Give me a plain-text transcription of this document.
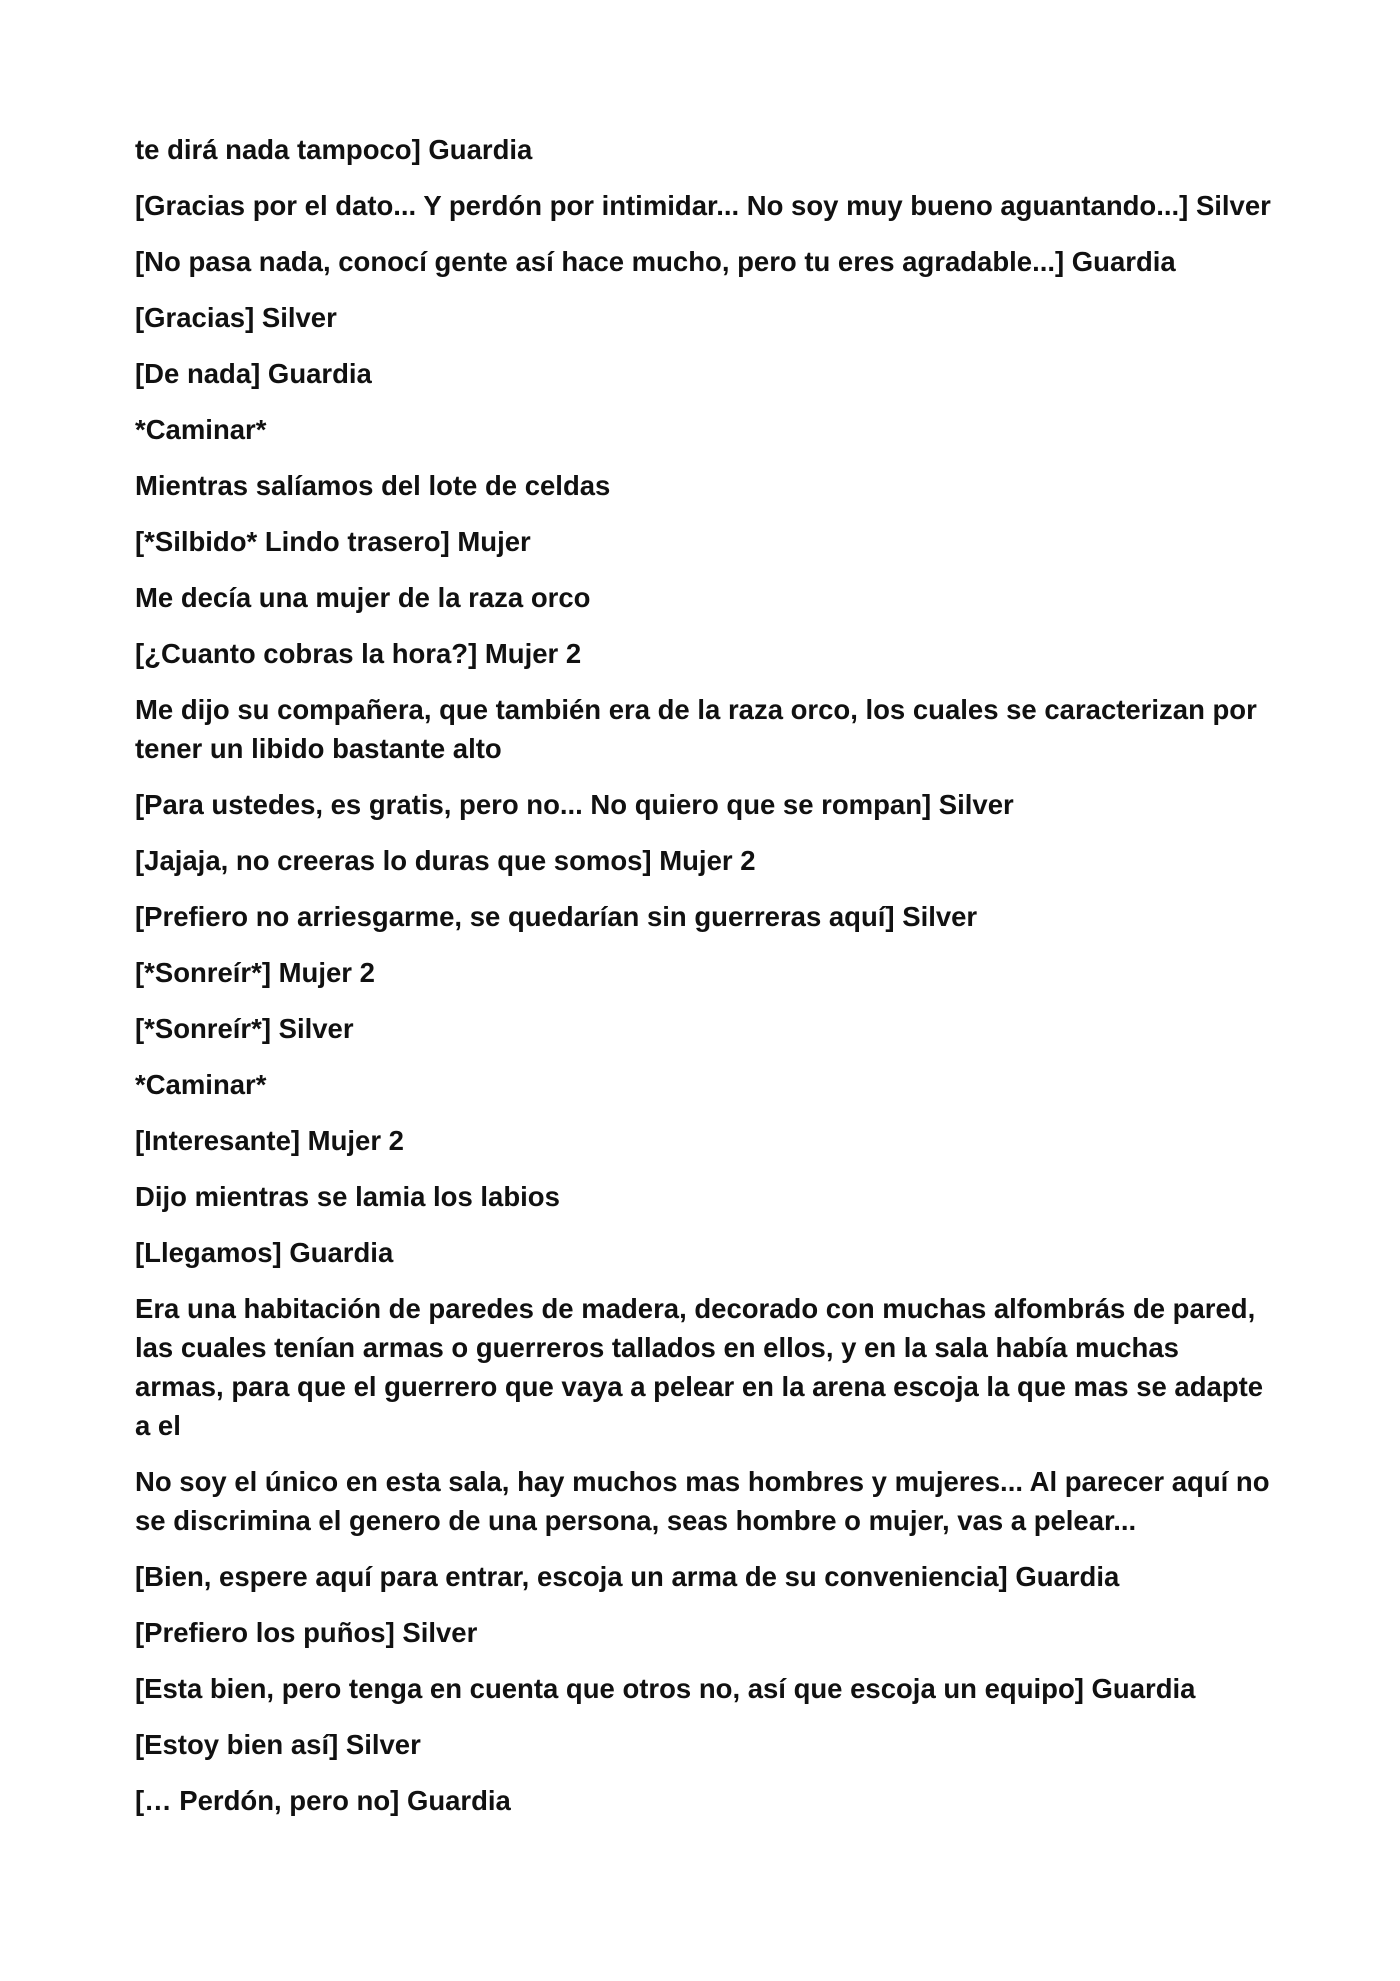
te dirá nada tampoco] Guardia

[Gracias por el dato... Y perdón por intimidar... No soy muy bueno aguantando...] Silver

[No pasa nada, conocí gente así hace mucho, pero tu eres agradable...] Guardia

[Gracias] Silver

[De nada] Guardia

*Caminar*

Mientras salíamos del lote de celdas

[*Silbido* Lindo trasero] Mujer

Me decía una mujer de la raza orco

[¿Cuanto cobras la hora?] Mujer 2

Me dijo su compañera, que también era de la raza orco, los cuales se caracterizan por tener un libido bastante alto

[Para ustedes, es gratis, pero no... No quiero que se rompan] Silver

[Jajaja, no creeras lo duras que somos] Mujer 2

[Prefiero no arriesgarme, se quedarían sin guerreras aquí] Silver

[*Sonreír*] Mujer 2

[*Sonreír*] Silver

*Caminar*

[Interesante] Mujer 2

Dijo mientras se lamia los labios

[Llegamos] Guardia

Era una habitación de paredes de madera, decorado con muchas alfombrás de pared, las cuales tenían armas o guerreros tallados en ellos, y en la sala había muchas armas, para que el guerrero que vaya a pelear en la arena escoja la que mas se adapte a el

No soy el único en esta sala, hay muchos mas hombres y mujeres... Al parecer aquí no se discrimina el genero de una persona, seas hombre o mujer, vas a pelear...

[Bien, espere aquí para entrar, escoja un arma de su conveniencia] Guardia

[Prefiero los puños] Silver

[Esta bien, pero tenga en cuenta que otros no, así que escoja un equipo] Guardia

[Estoy bien así] Silver

[… Perdón, pero no] Guardia
